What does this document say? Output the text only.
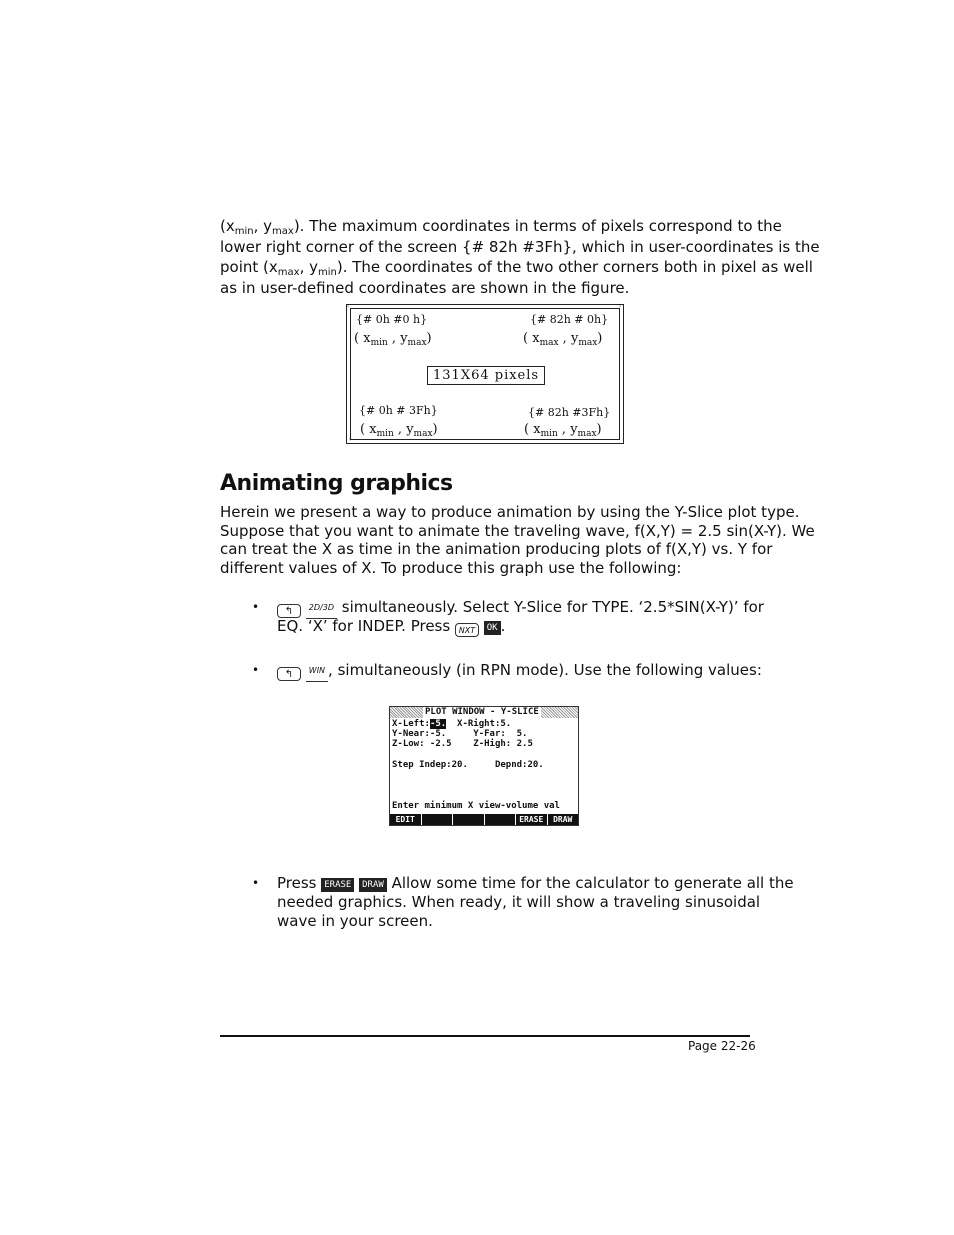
($x_{min}$, $y_{max}$). The maximum coordinates in terms of pixels correspond to the
lower right corner of the screen {# 82h #3Fh}, which in user-coordinates is the
point ($x_{max}$, $y_{min}$). The coordinates of the two other corners both in pixel as well
as in user-defined coordinates are shown in the figure.
◦	◦
◦
{# 0h #0 h}
( $x_{min}$ , $y_{max}$)
{# 82h # 0h}
( $x_{max}$ , $y_{max}$)
131X64 pixels
{# 0h # 3Fh}
( $x_{min}$ , $y_{max}$)
{# 82h #3Fh}
( $x_{min}$ , $y_{max}$)
Animating graphics
Herein we present a way to produce animation by using the Y-Slice plot type.
Suppose that you want to animate the traveling wave, f(X,Y) = 2.5 sin(X-Y). We
can treat the X as time in the animation producing plots of f(X,Y) vs. Y for
different values of X. To produce this graph use the following:
•	↰ 2D/3D simultaneously. Select Y-Slice for TYPE. ‘2.5*SIN(X-Y)’ for
EQ. ‘X’ for INDEP. Press NXT OK .
•	↰ WIN , simultaneously (in RPN mode). Use the following values:
PLOT WINDOW - Y-SLICE
X-Left:-5.  X-Right:5.
Y-Near:-5.     Y-Far:  5.
Z-Low: -2.5    Z-High: 2.5
Step Indep:20.     Depnd:20.
Enter minimum X view-volume val
EDIT	ERASE	DRAW
• Press ERASE DRAW Allow some time for the calculator to generate all the
needed graphics. When ready, it will show a traveling sinusoidal
wave in your screen.
Page 22-26
